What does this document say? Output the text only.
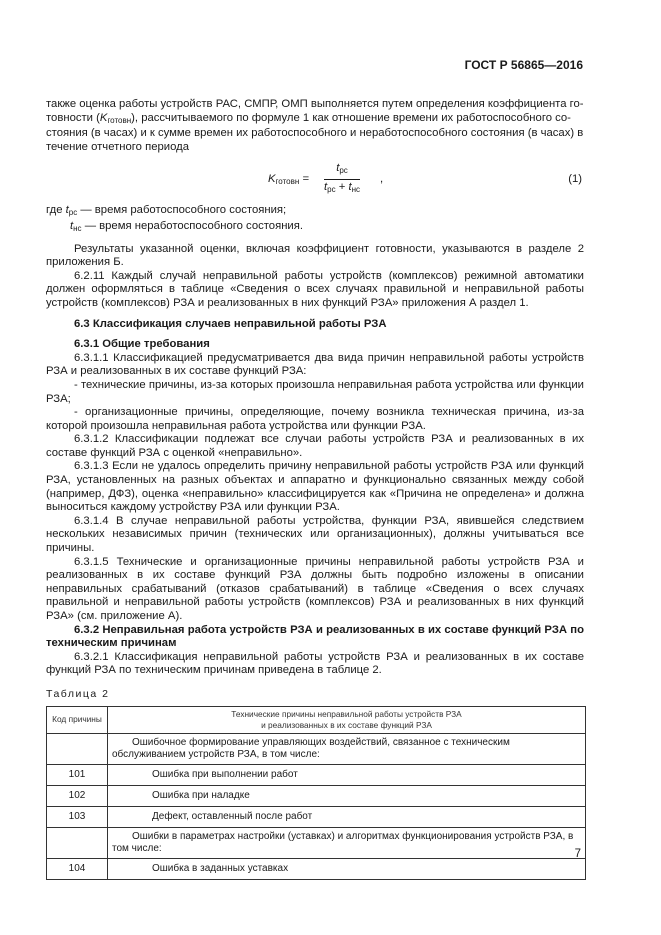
ГОСТ Р 56865—2016

также оценка работы устройств РАС, СМПР, ОМП выполняется путем определения коэффициента го-

товности $(K_{готовн})$, рассчитываемого по формуле 1 как отношение времени их работоспособного со-

стояния (в часах) и к сумме времен их работоспособного и неработоспособного состояния (в часах) в

течение отчетного периода

$K_{готовн}$ =
$t_{рс}$
$t_{рс} + t_{нс}$
,	(1)

где $t_{рс}$ — время работоспособного состояния;

$t_{нс}$ — время неработоспособного состояния.

Результаты указанной оценки, включая коэффициент готовности, указываются в разделе 2 приложения Б.

6.2.11 Каждый случай неправильной работы устройств (комплексов) режимной автоматики должен оформляться в таблице «Сведения о всех случаях правильной и неправильной работы устройств (комплексов) РЗА и реализованных в них функций РЗА» приложения А раздел 1.

6.3 Классификация случаев неправильной работы РЗА

6.3.1 Общие требования

6.3.1.1 Классификацией предусматривается два вида причин неправильной работы устройств РЗА и реализованных в их составе функций РЗА:

- технические причины, из-за которых произошла неправильная работа устройства или функции РЗА;

- организационные причины, определяющие, почему возникла техническая причина, из-за которой произошла неправильная работа устройства или функции РЗА.

6.3.1.2 Классификации подлежат все случаи работы устройств РЗА и реализованных в их составе функций РЗА с оценкой «неправильно».

6.3.1.3 Если не удалось определить причину неправильной работы устройств РЗА или функций РЗА, установленных на разных объектах и аппаратно и функционально связанных между собой (например, ДФЗ), оценка «неправильно» классифицируется как «Причина не определена» и должна выноситься каждому устройству РЗА или функции РЗА.

6.3.1.4 В случае неправильной работы устройства, функции РЗА, явившейся следствием нескольких независимых причин (технических или организационных), должны учитываться все причины.

6.3.1.5 Технические и организационные причины неправильной работы устройств РЗА и реализованных в их составе функций РЗА должны быть подробно изложены в описании неправильных срабатываний (отказов срабатываний) в таблице «Сведения о всех случаях правильной и неправильной работы устройств (комплексов) РЗА и реализованных в них функций РЗА» (см. приложение А).

6.3.2 Неправильная работа устройств РЗА и реализованных в их составе функций РЗА по техническим причинам

6.3.2.1 Классификация неправильной работы устройств РЗА и реализованных в их составе функций РЗА по техническим причинам приведена в таблице 2.

Таблица 2

Код причины	Технические причины неправильной работы устройств РЗА
и реализованных в их составе функций РЗА
	Ошибочное формирование управляющих воздействий, связанное с техническим обслуживанием устройств РЗА, в том числе:
101	Ошибка при выполнении работ
102	Ошибка при наладке
103	Дефект, оставленный после работ
	Ошибки в параметрах настройки (уставках) и алгоритмах функционирования устройств РЗА, в том числе:
104	Ошибка в заданных уставках
7
